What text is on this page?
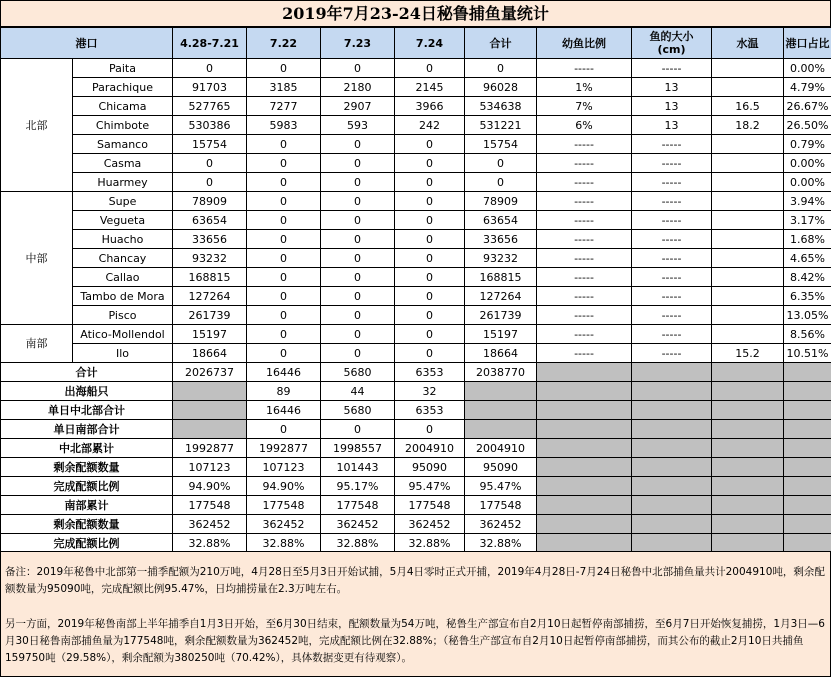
2019年7月23-24日秘鲁捕鱼量统计
港口		4.28-7.21	7.22	7.23	7.24	合计	幼鱼比例	鱼的大小
(cm)	水温	港口占比
北部	Paita	0	0	0	0	0	-----	-----		0.00%
	Parachique	91703	3185	2180	2145	96028	1%	13		4.79%
	Chicama	527765	7277	2907	3966	534638	7%	13	16.5	26.67%
	Chimbote	530386	5983	593	242	531221	6%	13	18.2	26.50%
	Samanco	15754	0	0	0	15754	-----	-----		0.79%
	Casma	0	0	0	0	0	-----	-----		0.00%
	Huarmey	0	0	0	0	0	-----	-----		0.00%
中部	Supe	78909	0	0	0	78909	-----	-----		3.94%
	Vegueta	63654	0	0	0	63654	-----	-----		3.17%
	Huacho	33656	0	0	0	33656	-----	-----		1.68%
	Chancay	93232	0	0	0	93232	-----	-----		4.65%
	Callao	168815	0	0	0	168815	-----	-----		8.42%
	Tambo de Mora	127264	0	0	0	127264	-----	-----		6.35%
	Pisco	261739	0	0	0	261739	-----	-----		13.05%
南部	Atico-Mollendol	15197	0	0	0	15197	-----	-----		8.56%
	Ilo	18664	0	0	0	18664	-----	-----	15.2	10.51%
合计		2026737	16446	5680	6353	2038770				
出海船只			89	44	32					
单日中北部合计			16446	5680	6353					
单日南部合计			0	0	0					
中北部累计		1992877	1992877	1998557	2004910	2004910				
剩余配额数量		107123	107123	101443	95090	95090				
完成配额比例		94.90%	94.90%	95.17%	95.47%	95.47%				
南部累计		177548	177548	177548	177548	177548				
剩余配额数量		362452	362452	362452	362452	362452				
完成配额比例		32.88%	32.88%	32.88%	32.88%	32.88%				

备注：2019年秘鲁中北部第一捕季配额为210万吨，4月28日至5月3日开始试捕，5月4日零时正式开捕，2019年4月28日-7月24日秘鲁中北部捕鱼量共计2004910吨，剩余配额数量为95090吨，完成配额比例95.47%，日均捕捞量在2.3万吨左右。

另一方面，2019年秘鲁南部上半年捕季自1月3日开始，至6月30日结束，配额数量为54万吨，秘鲁生产部宣布自2月10日起暂停南部捕捞，至6月7日开始恢复捕捞，1月3日—6月30日秘鲁南部捕鱼量为177548吨，剩余配额数量为362452吨，完成配额比例在32.88%；（秘鲁生产部宣布自2月10日起暂停南部捕捞，而其公布的截止2月10日共捕鱼159750吨（29.58%），剩余配额为380250吨（70.42%），具体数据变更有待观察）。
